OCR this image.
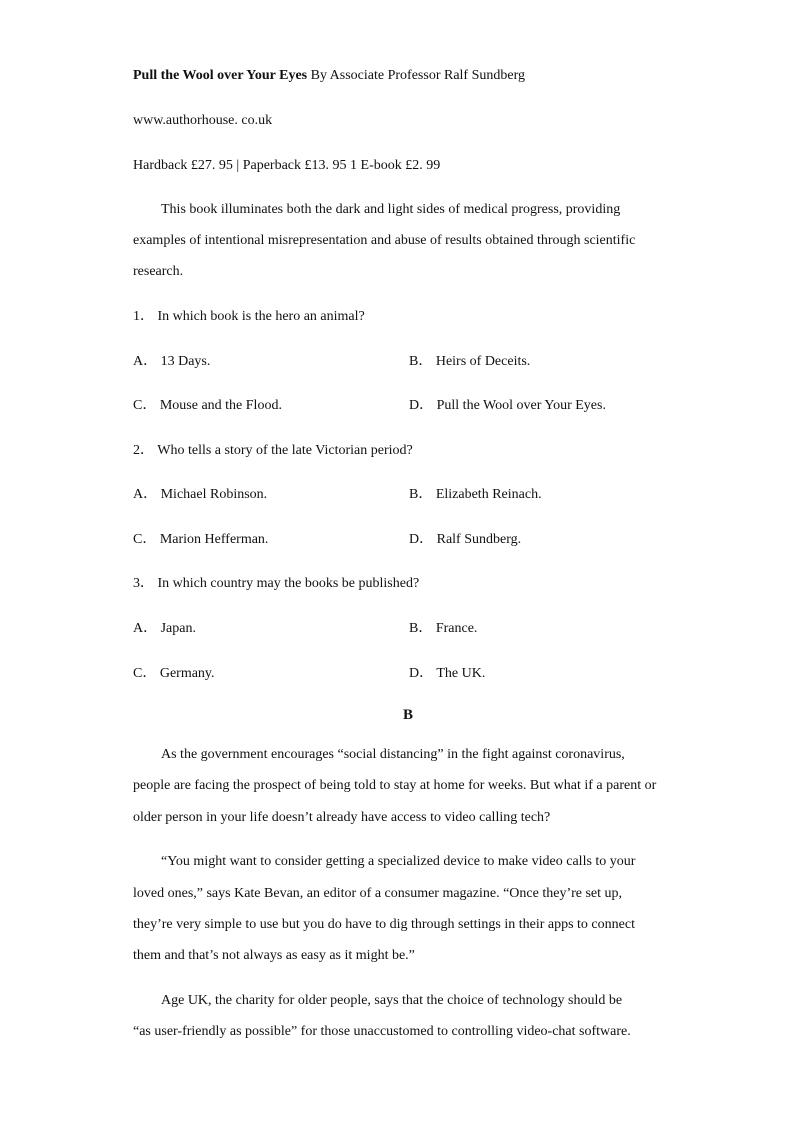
Pull the Wool over Your Eyes By Associate Professor Ralf Sundberg
www.authorhouse. co.uk
Hardback £27. 95 | Paperback £13. 95 1 E-book £2. 99
This book illuminates both the dark and light sides of medical progress, providing
examples of intentional misrepresentation and abuse of results obtained through scientific
research.
1． In which book is the hero an animal?
A． 13 Days.	B． Heirs of Deceits.
C． Mouse and the Flood.	D． Pull the Wool over Your Eyes.
2． Who tells a story of the late Victorian period?
A． Michael Robinson.	B． Elizabeth Reinach.
C． Marion Hefferman.	D． Ralf Sundberg.
3． In which country may the books be published?
A． Japan.	B． France.
C． Germany.	D． The UK.
B
As the government encourages “social distancing” in the fight against coronavirus,
people are facing the prospect of being told to stay at home for weeks. But what if a parent or
older person in your life doesn’t already have access to video calling tech?
“You might want to consider getting a specialized device to make video calls to your
loved ones,” says Kate Bevan, an editor of a consumer magazine. “Once they’re set up,
they’re very simple to use but you do have to dig through settings in their apps to connect
them and that’s not always as easy as it might be.”
Age UK, the charity for older people, says that the choice of technology should be
“as user-friendly as possible” for those unaccustomed to controlling video-chat software.
